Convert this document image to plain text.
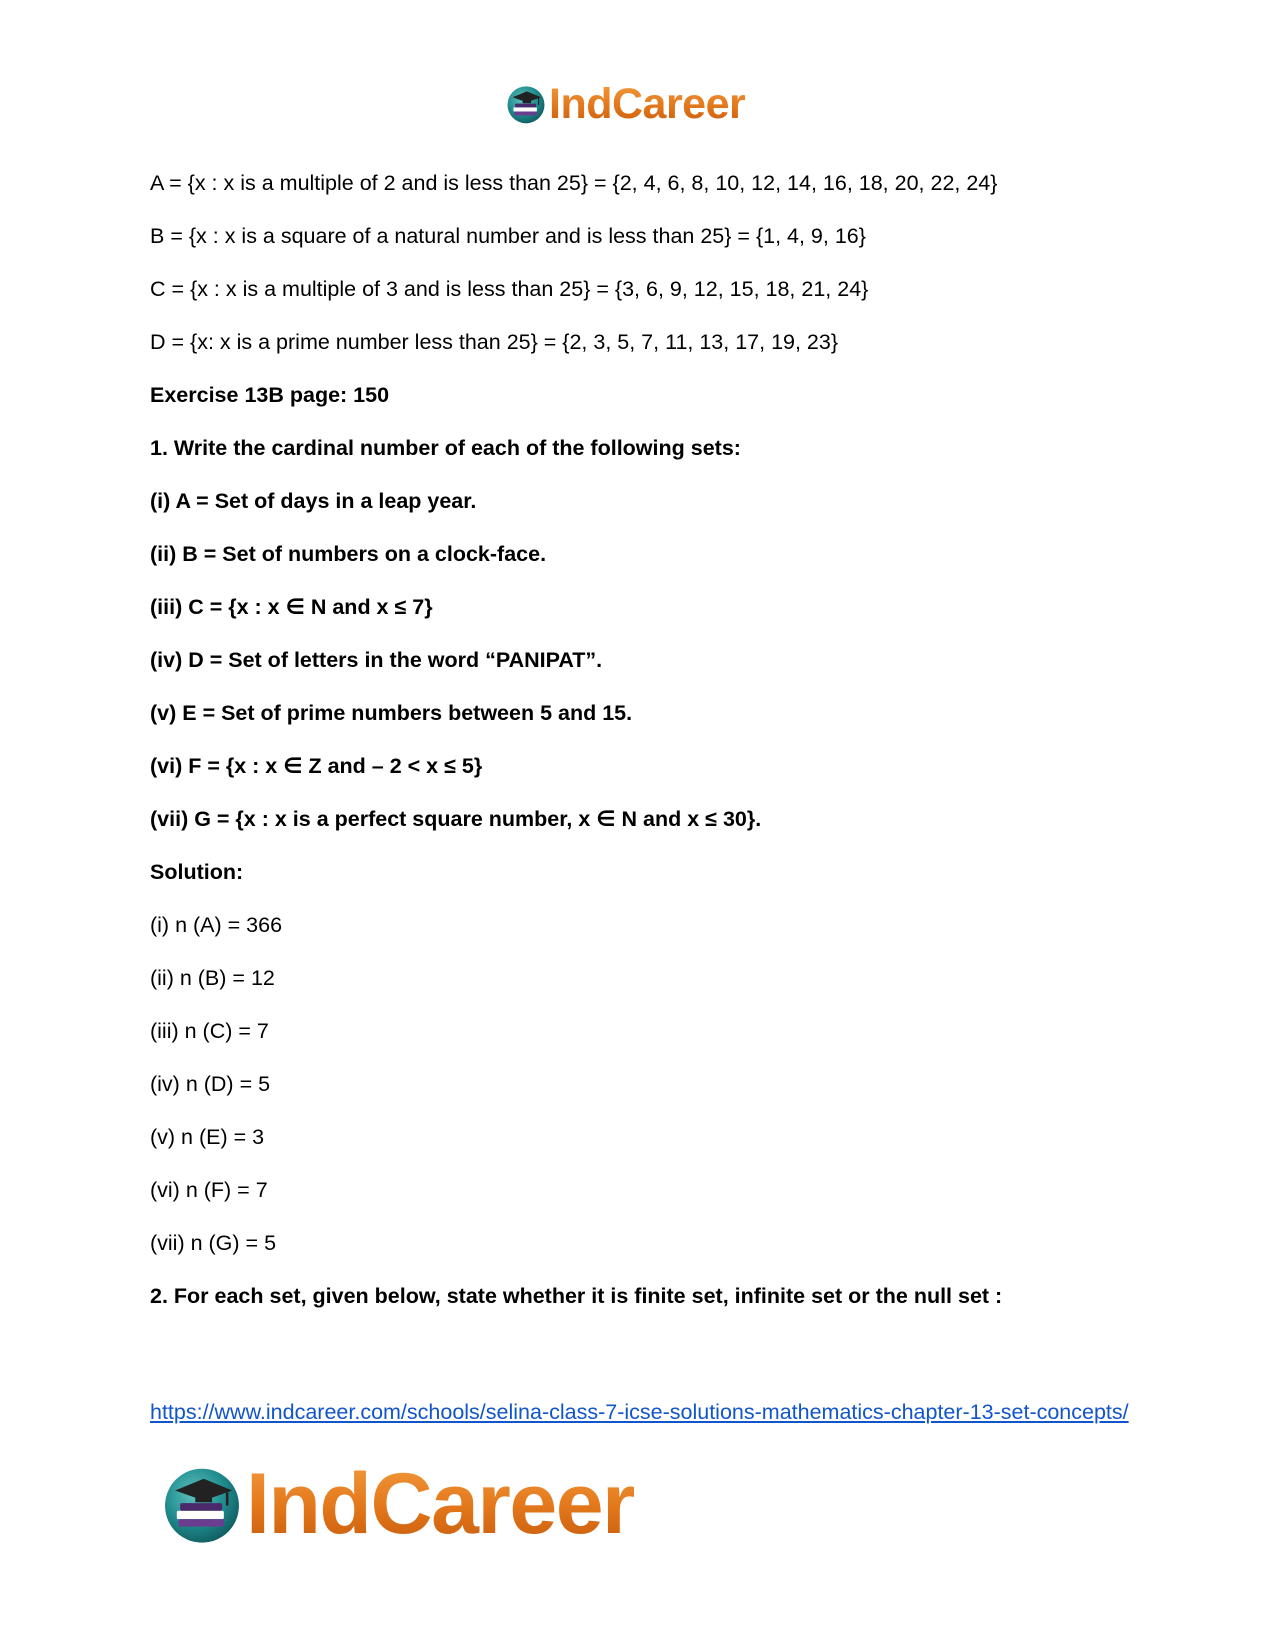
IndCareer
A = {x : x is a multiple of 2 and is less than 25} = {2, 4, 6, 8, 10, 12, 14, 16, 18, 20, 22, 24}
B = {x : x is a square of a natural number and is less than 25} = {1, 4, 9, 16}
C = {x : x is a multiple of 3 and is less than 25} = {3, 6, 9, 12, 15, 18, 21, 24}
D = {x: x is a prime number less than 25} = {2, 3, 5, 7, 11, 13, 17, 19, 23}
Exercise 13B page: 150
1. Write the cardinal number of each of the following sets:
(i) A = Set of days in a leap year.
(ii) B = Set of numbers on a clock-face.
(iii) C = {x : x ∈ N and x ≤ 7}
(iv) D = Set of letters in the word “PANIPAT”.
(v) E = Set of prime numbers between 5 and 15.
(vi) F = {x : x ∈ Z and – 2 < x ≤ 5}
(vii) G = {x : x is a perfect square number, x ∈ N and x ≤ 30}.
Solution:
(i) n (A) = 366
(ii) n (B) = 12
(iii) n (C) = 7
(iv) n (D) = 5
(v) n (E) = 3
(vi) n (F) = 7
(vii) n (G) = 5
2. For each set, given below, state whether it is finite set, infinite set or the null set :
https://www.indcareer.com/schools/selina-class-7-icse-solutions-mathematics-chapter-13-set-concepts/
IndCareer
